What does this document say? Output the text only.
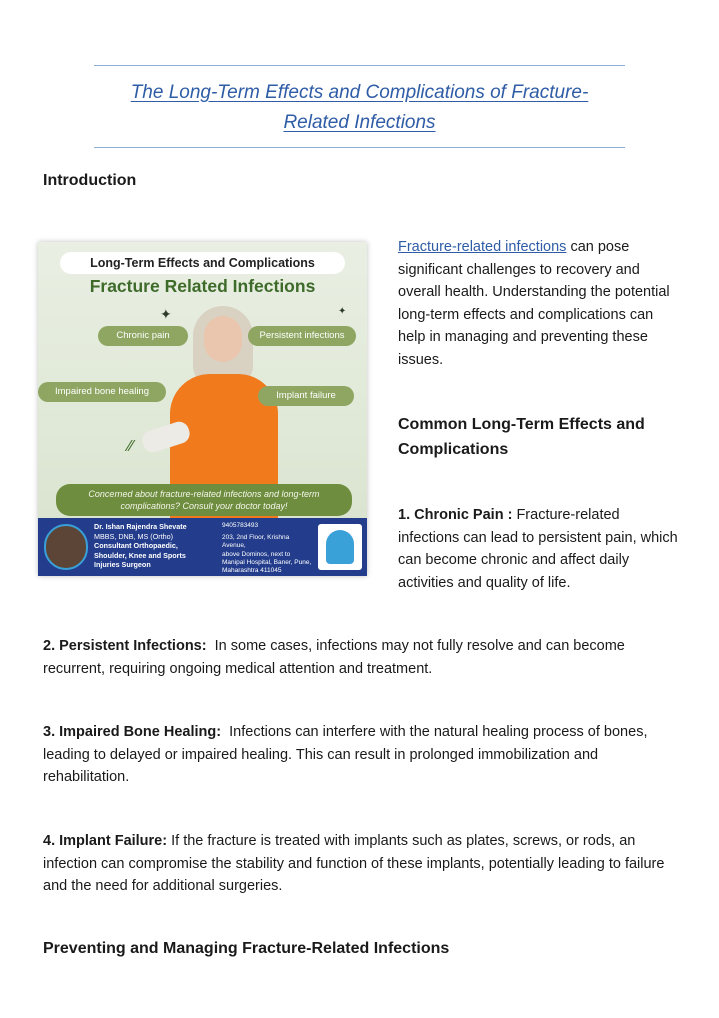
The Long-Term Effects and Complications of Fracture-
Related Infections
Introduction
Long-Term Effects and Complications
Fracture Related Infections
✦	✦
⁄⁄
Chronic pain	Persistent infections
Impaired bone healing	Implant failure
Concerned about fracture-related infections and long-term
complications? Consult your doctor today!
Dr. Ishan Rajendra Shevate
MBBS, DNB, MS (Ortho)
Consultant Orthopaedic,
Shoulder, Knee and Sports
Injuries Surgeon
9405783493
203, 2nd Floor, Krishna Avenue,
above Dominos, next to
Manipal Hospital, Baner, Pune,
Maharashtra 411045
Fracture-related infections can pose significant challenges to recovery and overall health. Understanding the potential long-term effects and complications can help in managing and preventing these issues.
Common Long-Term Effects and Complications
1. Chronic Pain : Fracture-related infections can lead to persistent pain, which can become chronic and affect daily activities and quality of life.
2. Persistent Infections:  In some cases, infections may not fully resolve and can become recurrent, requiring ongoing medical attention and treatment.
3. Impaired Bone Healing:  Infections can interfere with the natural healing process of bones, leading to delayed or impaired healing. This can result in prolonged immobilization and rehabilitation.
4. Implant Failure: If the fracture is treated with implants such as plates, screws, or rods, an infection can compromise the stability and function of these implants, potentially leading to failure and the need for additional surgeries.
Preventing and Managing Fracture-Related Infections
